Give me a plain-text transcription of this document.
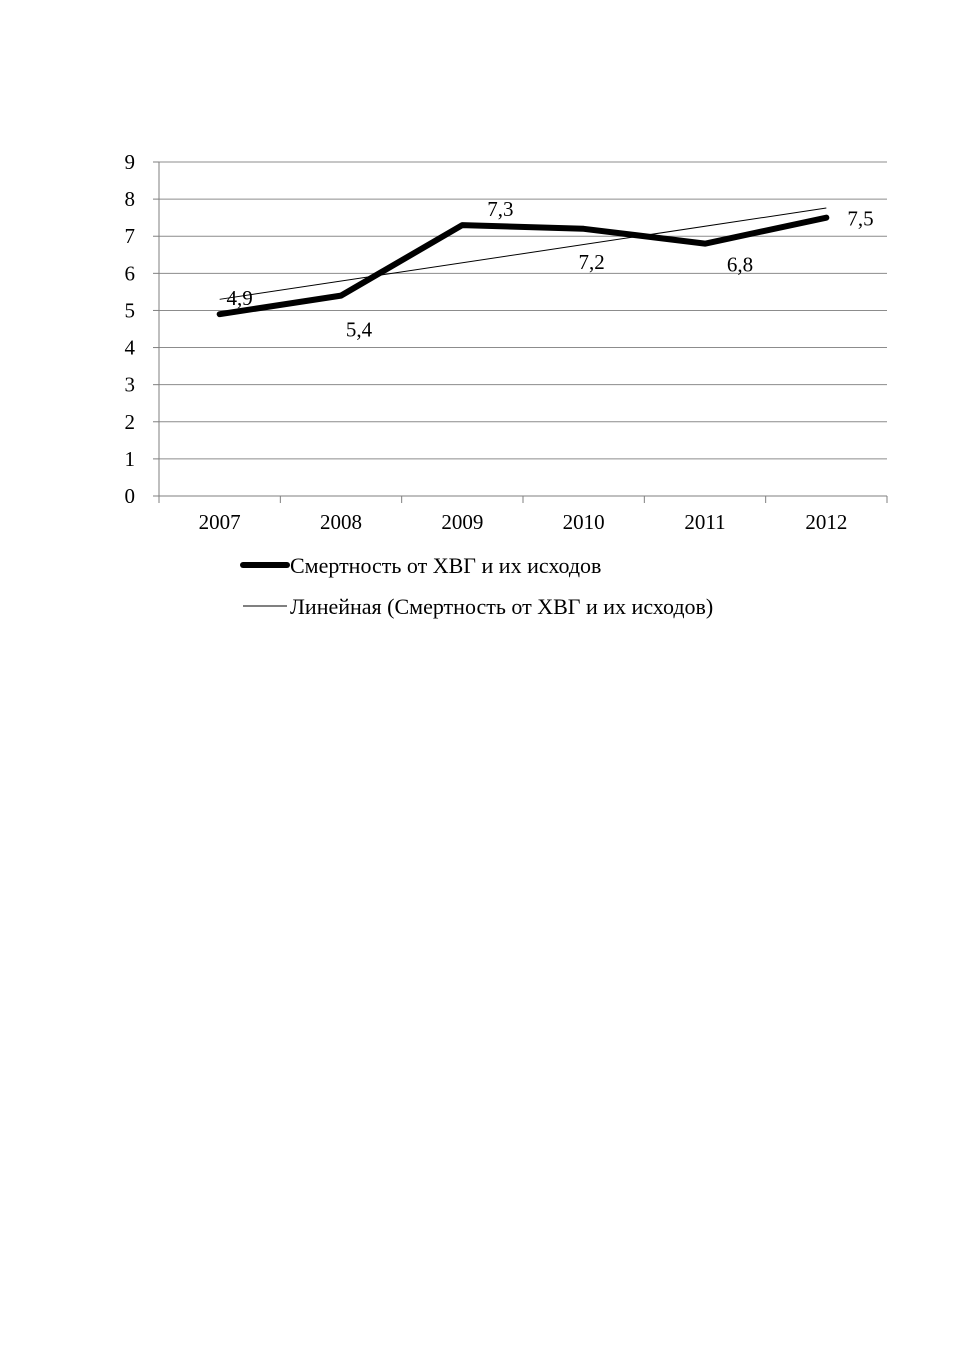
0
1
2
3
4
5
6
7
8
9
2007	2008	2009	2010	2011	2012
4,9
5,4
7,3
7,2	6,8
7,5
Смертность от ХВГ и их исходов
Линейная (Смертность от ХВГ и их исходов)
